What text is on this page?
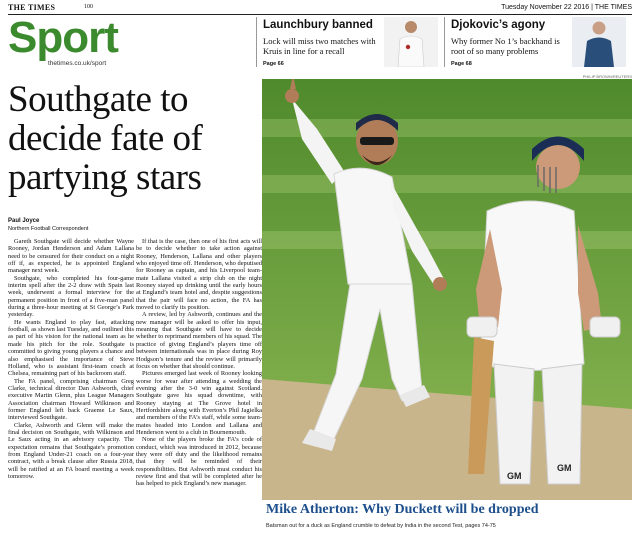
THE TIMES	100	Tuesday November 22 2016 | THE TIMES
Sport
thetimes.co.uk/sport
Launchbury banned
Lock will miss two matches with Kruis in line for a recall
Page 66
Djokovic’s agony
Why former No 1’s backhand is root of so many problems
Page 68
Southgate to decide fate of partying stars
Paul Joyce
Northern Football Correspondent

Gareth Southgate will decide whether Wayne Rooney, Jordan Henderson and Adam Lallana need to be censured for their conduct on a night off if, as expected, he is appointed England manager next week.

Southgate, who completed his four-game interim spell after the 2-2 draw with Spain last week, underwent a formal interview for the permanent position in front of a five-man panel during a three-hour meeting at St George’s Park yesterday.

He wants England to play fast, attacking football, as shown last Tuesday, and outlined this as part of his vision for the national team as he made his pitch for the role. Southgate is committed to giving young players a chance and also emphasised the importance of Steve Holland, who is assistant first-team coach at Chelsea, remaining part of his backroom staff.

The FA panel, comprising chairman Greg Clarke, technical director Dan Ashworth, chief executive Martin Glenn, plus League Managers Association chairman Howard Wilkinson and former England left back Graeme Le Saux, interviewed Southgate.

Clarke, Ashworth and Glenn will make the final decision on Southgate, with Wilkinson and Le Saux acting in an advisory capacity. The expectation remains that Southgate’s promotion from England Under-21 coach on a four-year contract, with a break clause after Russia 2018, will be ratified at an FA board meeting a week tomorrow.

If that is the case, then one of his first acts will be to decide whether to take action against Rooney, Henderson, Lallana and other players who enjoyed time off. Henderson, who deputised for Rooney as captain, and his Liverpool team-mate Lallana visited a strip club on the night Rooney stayed up drinking until the early hours at England’s team hotel and, despite suggestions that the pair will face no action, the FA has moved to clarify its position.

A review, led by Ashworth, continues and the new manager will be asked to offer his input, meaning that Southgate will have to decide whether to reprimand members of his squad. The practice of giving England’s players time off between internationals was in place during Roy Hodgson’s tenure and the review will primarily focus on whether that should continue.

Pictures emerged last week of Rooney looking worse for wear after attending a wedding the evening after the 3-0 win against Scotland. Southgate gave his squad downtime, with Rooney staying at The Grove hotel in Hertfordshire along with Everton’s Phil Jagielka and members of the FA’s staff, while some team-mates headed into London and Lallana and Henderson went to a club in Bournemouth.

None of the players broke the FA’s code of conduct, which was introduced in 2012, because they were off duty and the likelihood remains that they will be reminded of their responsibilities. But Ashworth must conduct his review first and that will be completed after he has helped to pick England’s new manager.

PHILIP BROWN/REUTERS
GM
GM
Mike Atherton: Why Duckett will be dropped
Batsman out for a duck as England crumble to defeat by India in the second Test, pages 74-75
